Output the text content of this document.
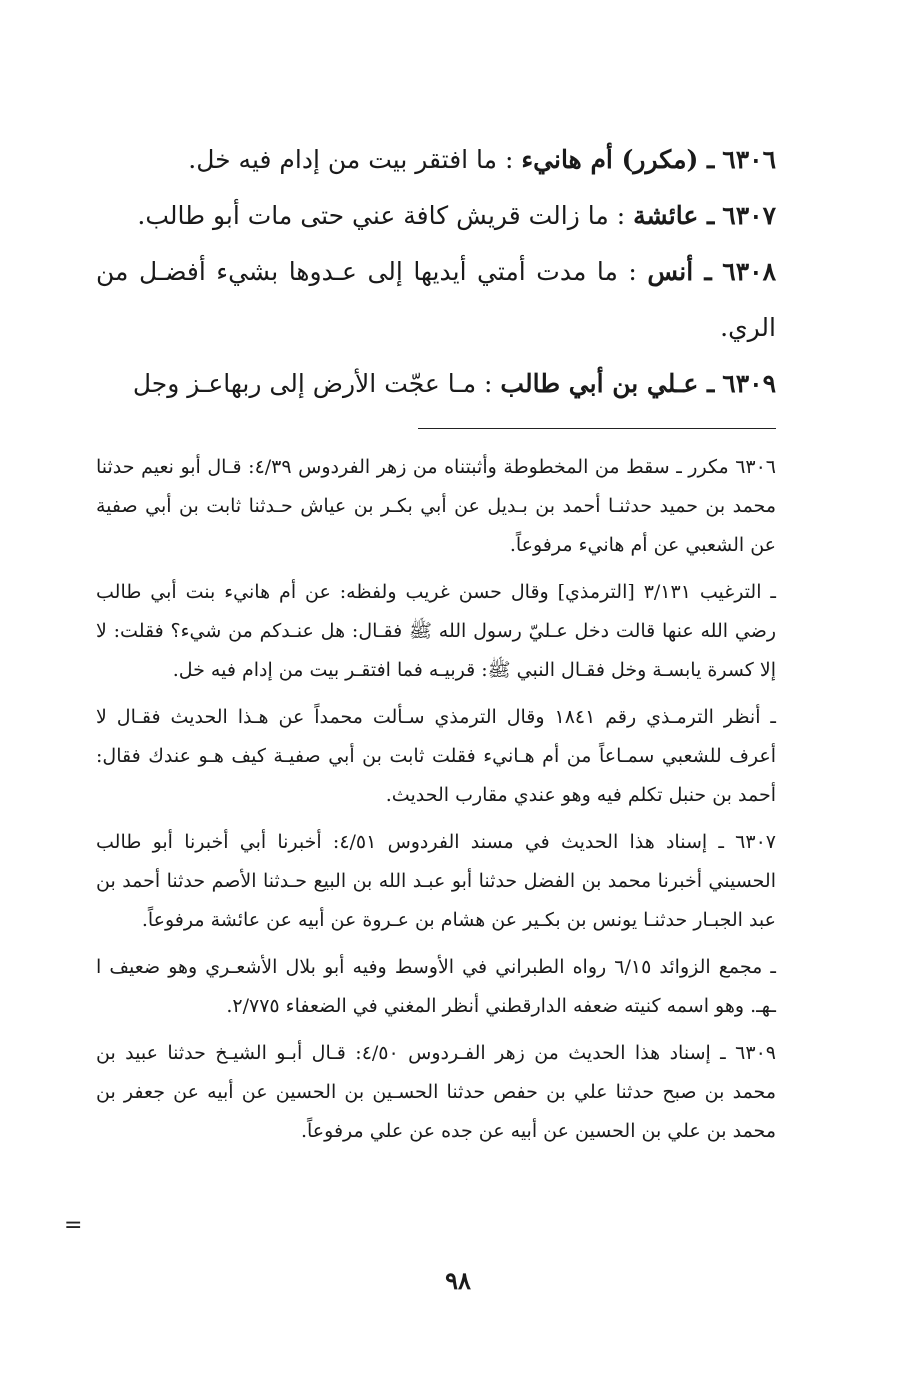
٦٣٠٦ ـ (مكرر) أم هانيء : ما افتقر بيت من إدام فيه خل.

٦٣٠٧ ـ عائشة : ما زالت قريش كافة عني حتى مات أبو طالب.

٦٣٠٨ ـ أنس : ما مدت أمتي أيديها إلى عـدوها بشيء أفضـل من الري.

٦٣٠٩ ـ عـلي بن أبي طالب : مـا عجّت الأرض إلى ربهاعـز وجل

٦٣٠٦ مكرر ـ سقط من المخطوطة وأثبتناه من زهر الفردوس ٤/٣٩: قـال أبو نعيم حدثنا محمد بن حميد حدثنـا أحمد بن بـديل عن أبي بكـر بن عياش حـدثنا ثابت بن أبي صفية عن الشعبي عن أم هانيء مرفوعاً.

ـ الترغيب ٣/١٣١ [الترمذي] وقال حسن غريب ولفظه: عن أم هانيء بنت أبي طالب رضي الله عنها قالت دخل عـليّ رسول الله ﷺ فقـال: هل عنـدكم من شيء؟ فقلت: لا إلا كسرة يابسـة وخل فقـال النبي ﷺ: قربيـه فما افتقـر بيت من إدام فيه خل.

ـ أنظر الترمـذي رقم ١٨٤١ وقال الترمذي سـألت محمداً عن هـذا الحديث فقـال لا أعرف للشعبي سمـاعاً من أم هـانيء فقلت ثابت بن أبي صفيـة كيف هـو عندك فقال: أحمد بن حنبل تكلم فيه وهو عندي مقارب الحديث.

٦٣٠٧ ـ إسناد هذا الحديث في مسند الفردوس ٤/٥١: أخبرنا أبي أخبرنا أبو طالب الحسيني أخبرنا محمد بن الفضل حدثنا أبو عبـد الله بن البيع حـدثنا الأصم حدثنا أحمد بن عبد الجبـار حدثنـا يونس بن بكـير عن هشام بن عـروة عن أبيه عن عائشة مرفوعاً.

ـ مجمع الزوائد ٦/١٥ رواه الطبراني في الأوسط وفيه أبو بلال الأشعـري وهو ضعيف ا ـهـ. وهو اسمه كنيته ضعفه الدارقطني أنظر المغني في الضعفاء ٢/٧٧٥.

٦٣٠٩ ـ إسناد هذا الحديث من زهر الفـردوس ٤/٥٠: قـال أبـو الشيـخ حدثنا عبيد بن محمد بن صبح حدثنا علي بن حفص حدثنا الحسـين بن الحسين عن أبيه عن جعفر بن محمد بن علي بن الحسين عن أبيه عن جده عن علي مرفوعاً.

=
٩٨
